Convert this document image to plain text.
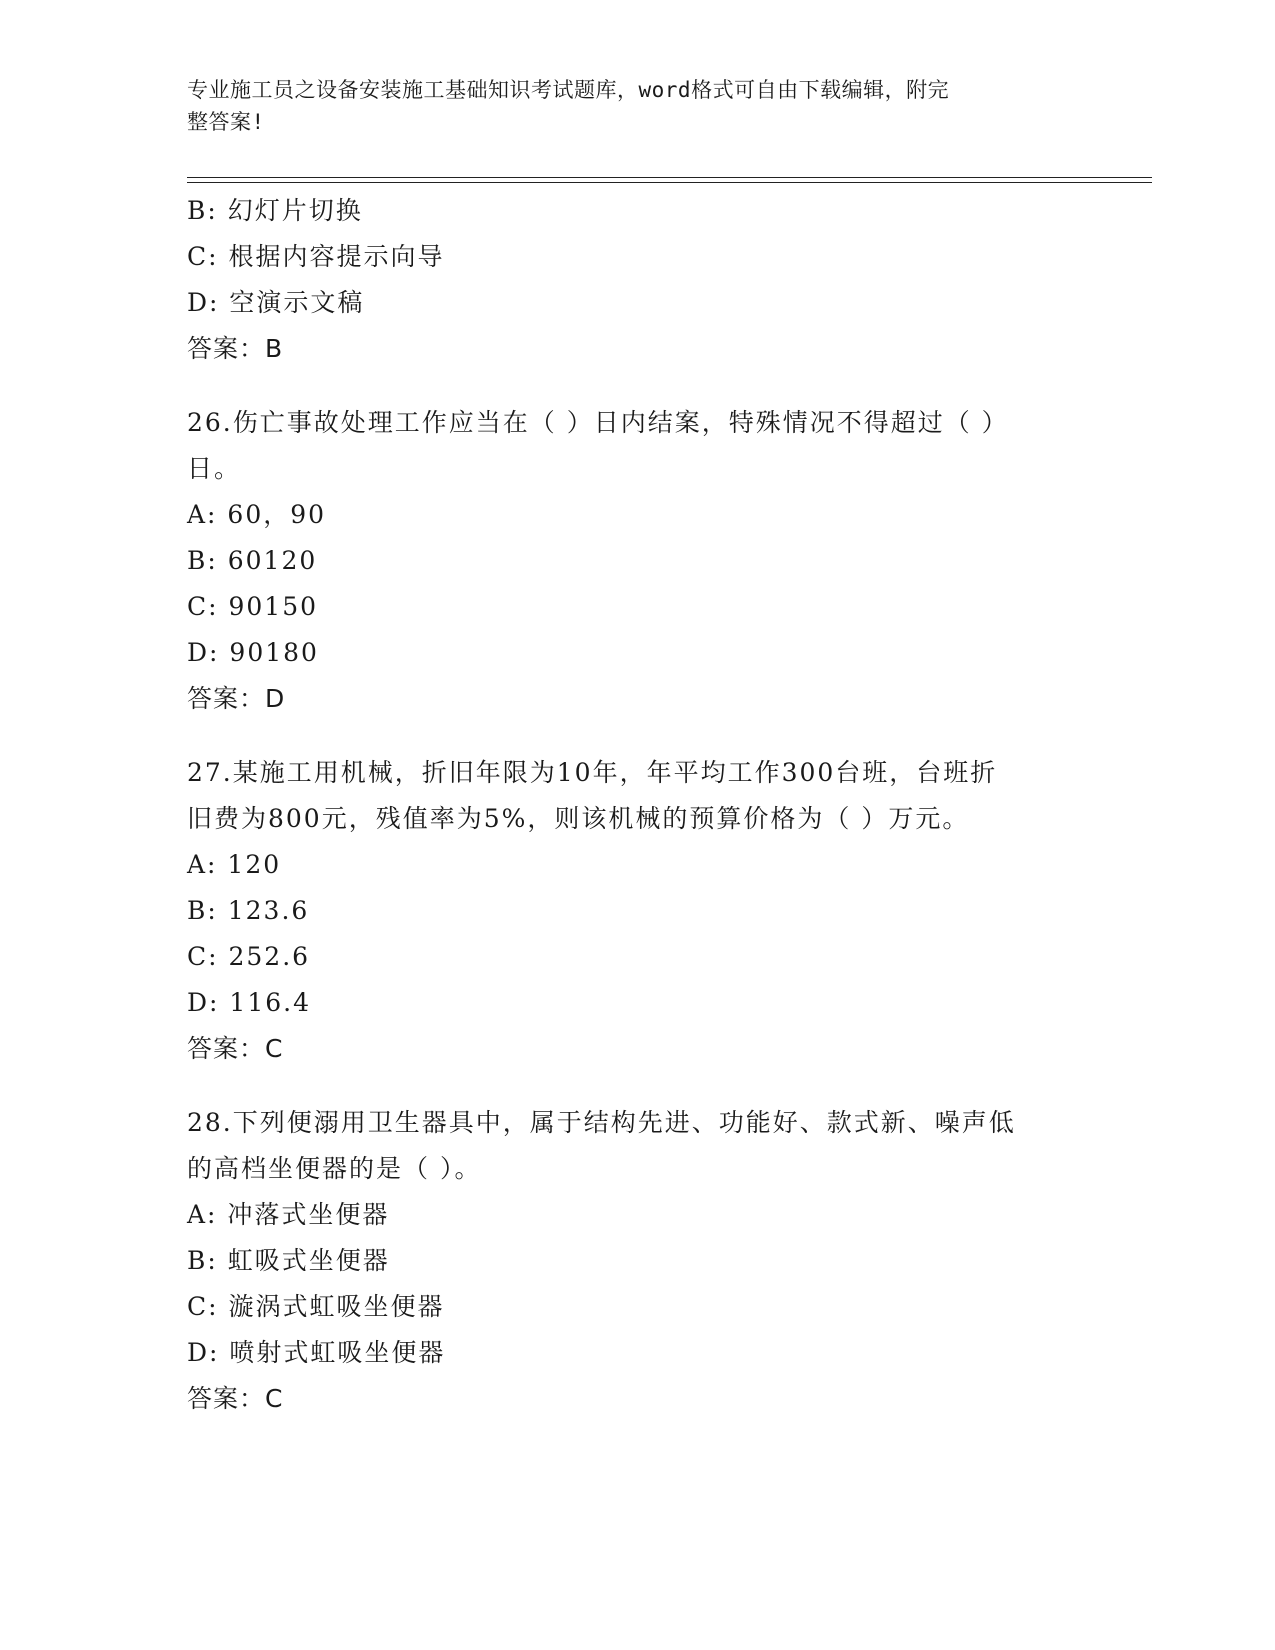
专业施工员之设备安装施工基础知识考试题库，word格式可自由下载编辑，附完
整答案!
B: 幻灯片切换
C: 根据内容提示向导
D: 空演示文稿
答案：B
26.伤亡事故处理工作应当在（ ）日内结案，特殊情况不得超过（ ）
日。
A: 60，90
B: 60120
C: 90150
D: 90180
答案：D
27.某施工用机械，折旧年限为10年，年平均工作300台班，台班折
旧费为800元，残值率为5%，则该机械的预算价格为（ ）万元。
A: 120
B: 123.6
C: 252.6
D: 116.4
答案：C
28.下列便溺用卫生器具中，属于结构先进、功能好、款式新、噪声低
的高档坐便器的是（ ）。
A: 冲落式坐便器
B: 虹吸式坐便器
C: 漩涡式虹吸坐便器
D: 喷射式虹吸坐便器
答案：C
